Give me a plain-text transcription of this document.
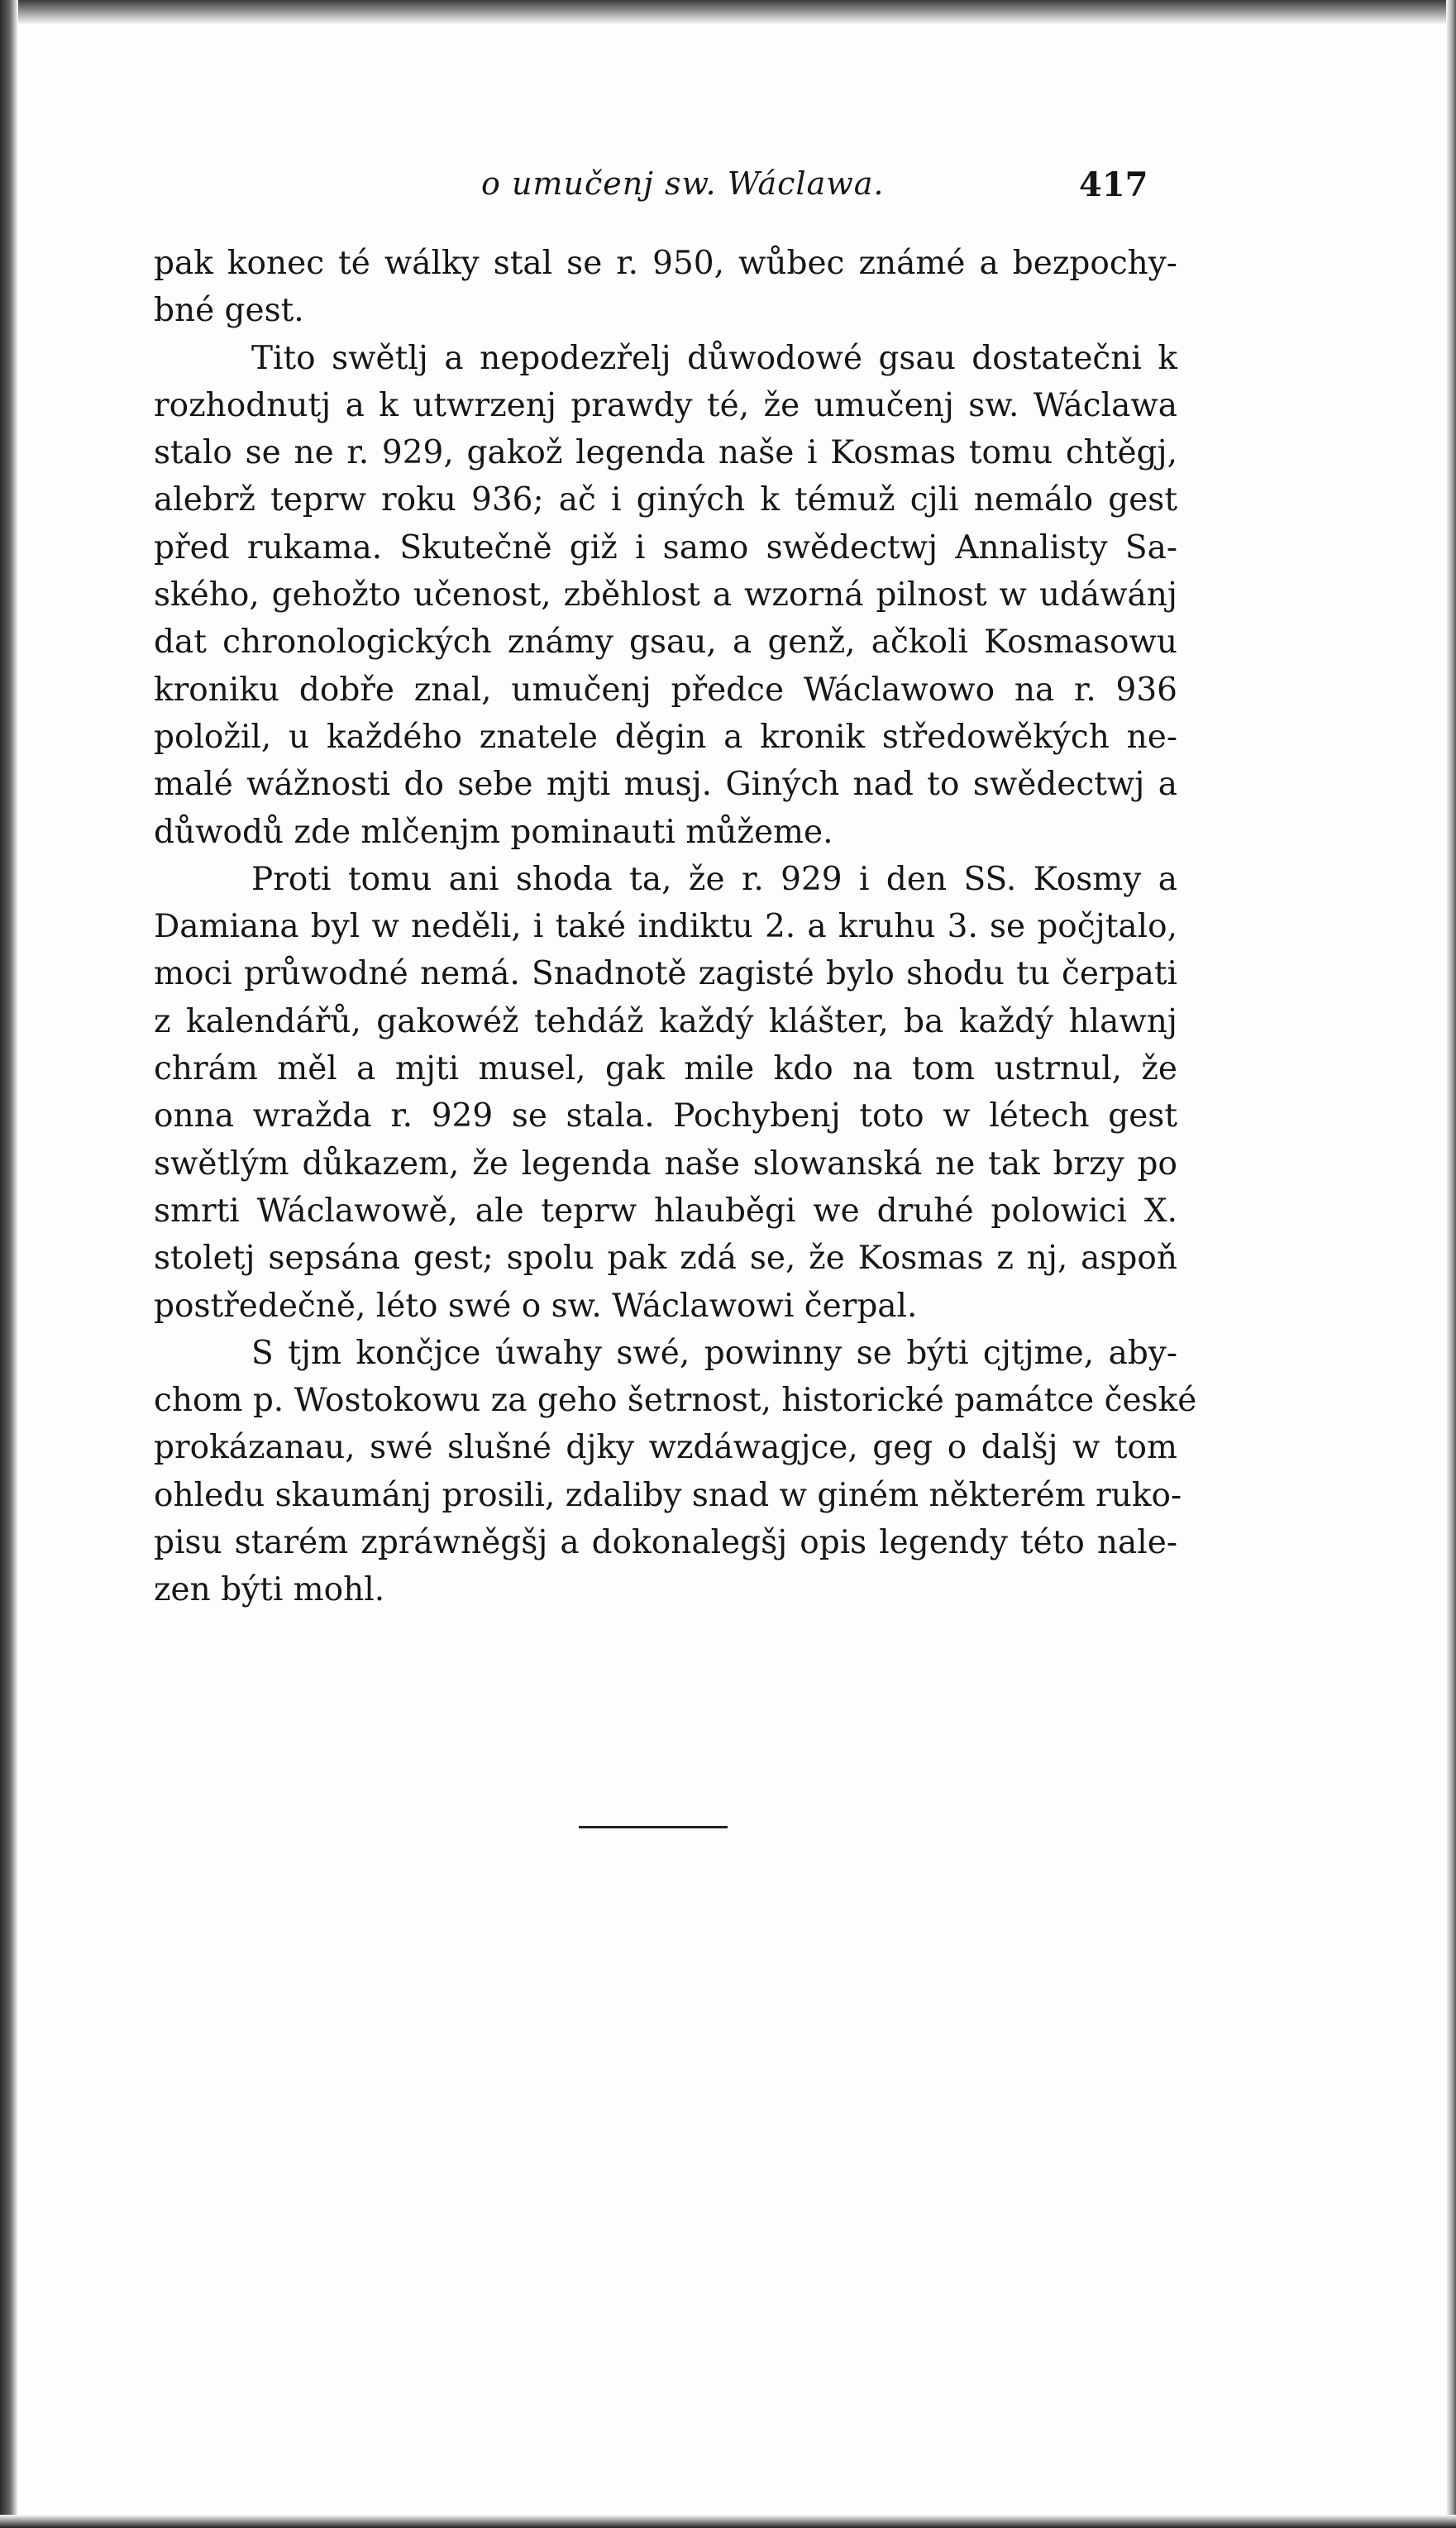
o umučenj sw. Wáclawa.	417
pak konec té wálky stal se r. 950, wůbec známé a bezpochy-
bné gest.
Tito swětlj a nepodezřelj důwodowé gsau dostatečni k
rozhodnutj a k utwrzenj prawdy té, že umučenj sw. Wáclawa
stalo se ne r. 929, gakož legenda naše i Kosmas tomu chtěgj,
alebrž teprw roku 936; ač i giných k témuž cjli nemálo gest
před rukama. Skutečně giž i samo swědectwj Annalisty Sa-
ského, gehožto učenost, zběhlost a wzorná pilnost w udáwánj
dat chronologických známy gsau, a genž, ačkoli Kosmasowu
kroniku dobře znal, umučenj předce Wáclawowo na r. 936
položil, u každého znatele děgin a kronik středowěkých ne-
malé wážnosti do sebe mjti musj. Giných nad to swědectwj a
důwodů zde mlčenjm pominauti můžeme.
Proti tomu ani shoda ta, že r. 929 i den SS. Kosmy a
Damiana byl w neděli, i také indiktu 2. a kruhu 3. se počjtalo,
moci průwodné nemá. Snadnotě zagisté bylo shodu tu čerpati
z kalendářů, gakowéž tehdáž každý klášter, ba každý hlawnj
chrám měl a mjti musel, gak mile kdo na tom ustrnul, že
onna wražda r. 929 se stala. Pochybenj toto w létech gest
swětlým důkazem, že legenda naše slowanská ne tak brzy po
smrti Wáclawowě, ale teprw hlauběgi we druhé polowici X.
stoletj sepsána gest; spolu pak zdá se, že Kosmas z nj, aspoň
postředečně, léto swé o sw. Wáclawowi čerpal.
S tjm končjce úwahy swé, powinny se býti cjtjme, aby-
chom p. Wostokowu za geho šetrnost, historické památce české
prokázanau, swé slušné djky wzdáwagjce, geg o dalšj w tom
ohledu skaumánj prosili, zdaliby snad w giném některém ruko-
pisu starém zpráwněgšj a dokonalegšj opis legendy této nale-
zen býti mohl.
